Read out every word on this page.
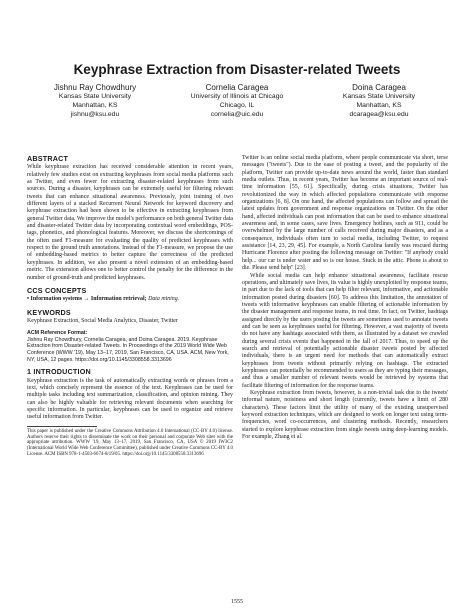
Keyphrase Extraction from Disaster-related Tweets
Jishnu Ray Chowdhury
Kansas State University
Manhattan, KS
jishnu@ksu.edu
Cornelia Caragea
University of Illinois at Chicago
Chicago, IL
cornelia@uic.edu
Doina Caragea
Kansas State University
Manhattan, KS
dcaragea@ksu.edu
ABSTRACT

While keyphrase extraction has received considerable attention in recent years, relatively few studies exist on extracting keyphrases from social media platforms such as Twitter, and even fewer for extracting disaster-related keyphrases from such sources. During a disaster, keyphrases can be extremely useful for filtering relevant tweets that can enhance situational awareness. Previously, joint training of two different layers of a stacked Recurrent Neural Network for keyword discovery and keyphrase extraction had been shown to be effective in extracting keyphrases from general Twitter data. We improve the model's performance on both general Twitter data and disaster-related Twitter data by incorporating contextual word embeddings, POS-tags, phonetics, and phonological features. Moreover, we discuss the shortcomings of the often used F1-measure for evaluating the quality of predicted keyphrases with respect to the ground truth annotations. Instead of the F1-measure, we propose the use of embedding-based metrics to better capture the correctness of the predicted keyphrases. In addition, we also present a novel extension of an embedding-based metric. The extension allows one to better control the penalty for the difference in the number of ground-truth and predicted keyphrases.

CCS CONCEPTS

• Information systems → Information retrieval; Data mining.

KEYWORDS

Keyphrase Extraction, Social Media Analytics, Disaster, Twitter

ACM Reference Format:
Jishnu Ray Chowdhury, Cornelia Caragea, and Doina Caragea. 2019. Keyphrase Extraction from Disaster-related Tweets. In Proceedings of the 2019 World Wide Web Conference (WWW '19), May 13–17, 2019, San Francisco, CA, USA. ACM, New York, NY, USA, 12 pages. https://doi.org/10.1145/3308558.3313696
1 INTRODUCTION

Keyphrase extraction is the task of automatically extracting words or phrases from a text, which concisely represent the essence of the text. Keyphrases can be used for multiple tasks including text summarization, classification, and opinion mining. They can also be highly valuable for retrieving relevant documents when searching for specific information. In particular, keyphrases can be used to organize and retrieve useful information from Twitter.

This paper is published under the Creative Commons Attribution 4.0 International (CC-BY 4.0) license. Authors reserve their rights to disseminate the work on their personal and corporate Web sites with the appropriate attribution. WWW '19, May 13–17, 2019, San Francisco, CA, USA © 2019 IW3C2 (International World Wide Web Conference Committee), published under Creative Commons CC-BY 4.0 License. ACM ISBN 978-1-4503-6674-8/19/05. https://doi.org/10.1145/3308558.3313696

Twitter is an online social media platform, where people communicate via short, terse messages ("tweets"). Due to the ease of posting a tweet, and the popularity of the platform, Twitter can provide up-to-date news around the world, faster than standard media outlets. Thus, in recent years, Twitter has become an important source of real-time information [55, 61]. Specifically, during crisis situations, Twitter has revolutionized the way in which affected populations communicate with response organizations [6, 8]. On one hand, the affected populations can follow and spread the latest updates from government and response organizations on Twitter. On the other hand, affected individuals can post information that can be used to enhance situational awareness and, in some cases, save lives. Emergency hotlines, such as 911, could be overwhelmed by the large number of calls received during major disasters, and as a consequence, individuals often turn to social media, including Twitter, to request assistance [14, 23, 29, 45]. For example, a North Carolina family was rescued during Hurricane Florence after posting the following message on Twitter: "If anybody could help... our car is under water and so is our house. Stuck in the attic. Phone is about to die. Please send help" [23].

While social media can help enhance situational awareness, facilitate rescue operations, and ultimately save lives, its value is highly unexploited by response teams, in part due to the lack of tools that can help filter relevant, informative, and actionable information posted during disasters [60]. To address this limitation, the annotation of tweets with informative keyphrases can enable filtering of actionable information by the disaster management and response teams, in real time. In fact, on Twitter, hashtags assigned directly by the users posting the tweets are sometimes used to annotate tweets and can be seen as keyphrases useful for filtering. However, a vast majority of tweets do not have any hashtags associated with them, as illustrated by a dataset we crawled during several crisis events that happened in the fall of 2017. Thus, to speed up the search and retrieval of potentially actionable disaster tweets posted by affected individuals, there is an urgent need for methods that can automatically extract keyphrases from tweets without primarily relying on hashtags. The extracted keyphrases can potentially be recommended to users as they are typing their messages, and thus a smaller number of relevant tweets would be retrieved by systems that facilitate filtering of information for the response teams.

Keyphrase extraction from tweets, however, is a non-trivial task due to the tweets' informal nature, noisiness and short length (currently, tweets have a limit of 280 characters). These factors limit the utility of many of the existing unsupervised keyword extraction techniques, which are designed to work on longer text using term-frequencies, word co-occurrences, and clustering methods. Recently, researchers started to explore keyphrase extraction from single tweets using deep-learning models. For example, Zhang et al.

1555
